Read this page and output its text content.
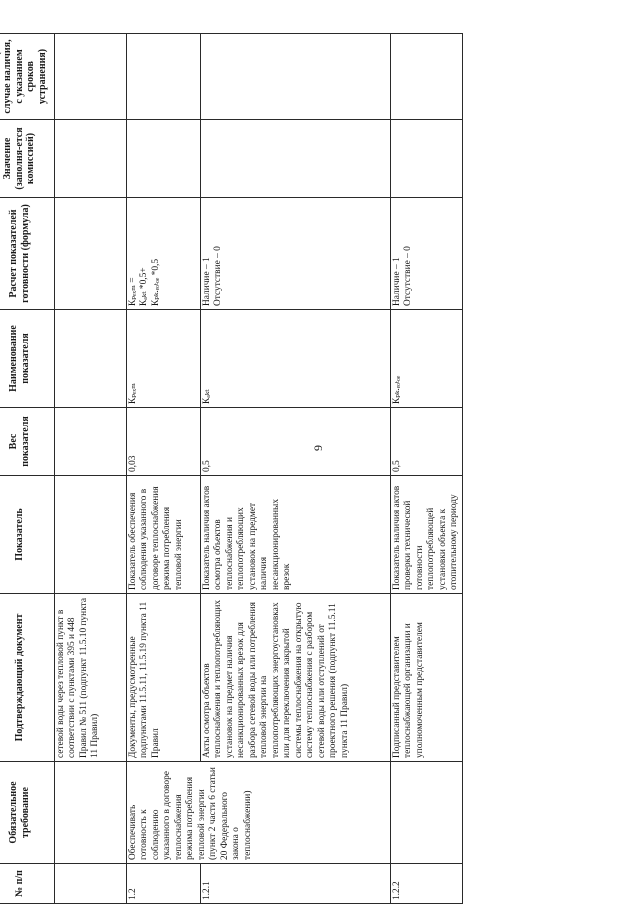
9
№ п/п	Обязательное требование	Подтверждающий документ	Показатель	Вес показателя	Наименование показателя	Расчет показателей готовности (формула)	Значение (заполня-ется комиссией)	случае наличия, с указанием сроков устранения)
		сетевой воды через тепловой пункт в соответствии с пунктами 395 и 448 Правил № 511 (подпункт 11.5.10 пункта 11 Правил)						
1.2	Обеспечивать готовность к соблюдению указанного в договоре теплоснабжения режима потребления тепловой энергии (пункт 2 части 6 статьи 20 Федерального закона о теплоснабжении)	Документы, предусмотренные подпунктами 11.5.11, 11.5.19 пункта 11 Правил	Показатель обеспечения соблюдения указанного в договоре теплоснабжения режима потребления тепловой энергии	0,03	Кₚₑₓₘ	Кₚₑₓₘ = Кₐₖₜ *0,5+ Кₚₖ.ₑₒₜₒₑ *0,5		

1.2.1		Акты осмотра объектов теплоснабжения и теплопотребляющих установок на предмет наличия несанкционированных врезок для разбора сетевой воды или потребления тепловой энергии на теплопотребляющих энергоустановках или для переключения закрытой системы теплоснабжения на открытую систему теплоснабжения с разбором сетевой воды или отступлений от проектного решения (подпункт 11.5.11 пункта 11 Правил)	Показатель наличия актов осмотра объектов теплоснабжения и теплопотребляющих установок на предмет наличия несанкционированных врезок	0,5	Кₐₖₜ	Наличие – 1 Отсутствие – 0		

1.2.2		Подписанный представителем теплоснабжающей организации и уполномоченным представителем	Показатель наличия актов проверки технической готовности теплопотребляющей установки объекта к отопительному периоду	0,5	Кₚₖ.ₑₒₜₒₑ	Наличие – 1 Отсутствие – 0		
